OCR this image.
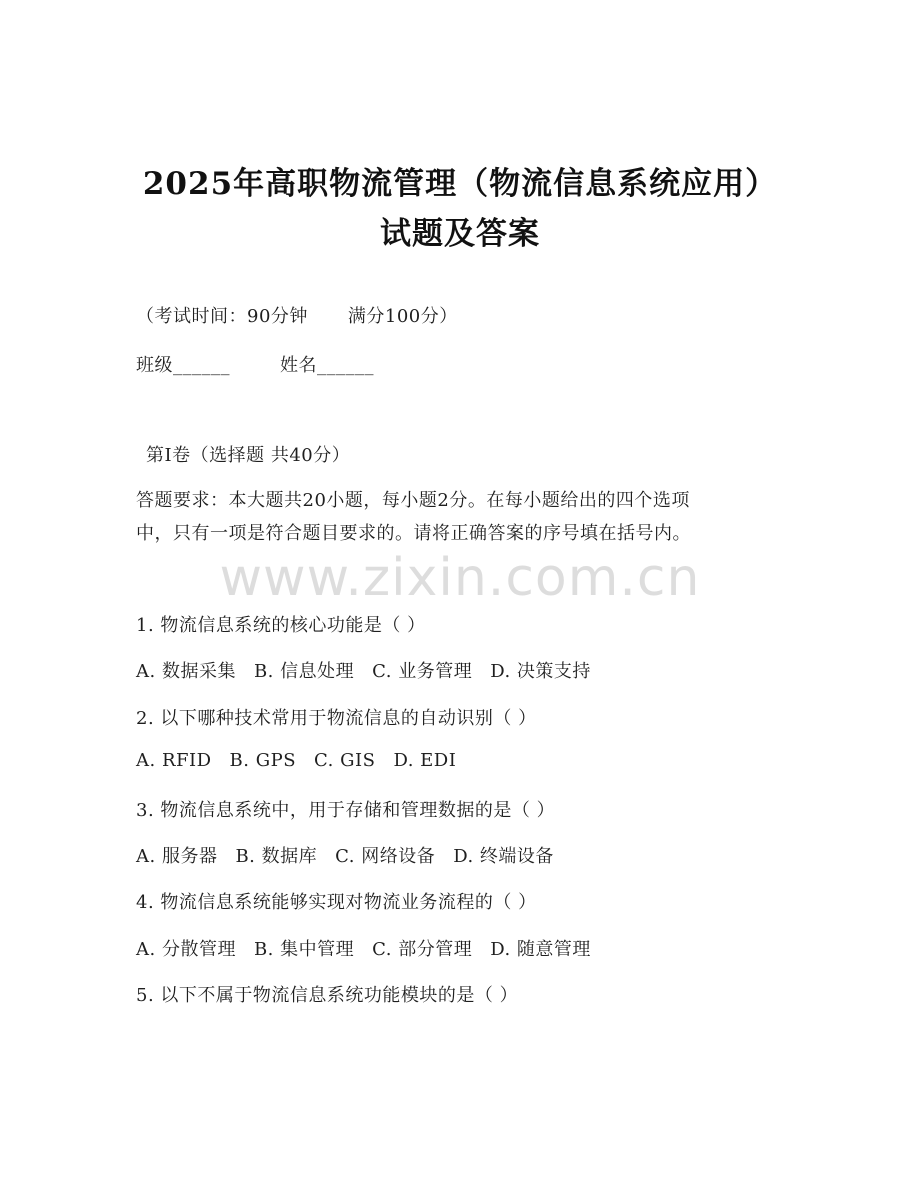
2025年高职物流管理（物流信息系统应用）
试题及答案
（考试时间：90分钟 满分100分）
班级______	姓名______
第I卷（选择题 共40分）
答题要求：本大题共20小题，每小题2分。在每小题给出的四个选项
中，只有一项是符合题目要求的。请将正确答案的序号填在括号内。
www.zixin.com.cn
1. 物流信息系统的核心功能是（ ）
A. 数据采集 B. 信息处理 C. 业务管理 D. 决策支持
2. 以下哪种技术常用于物流信息的自动识别（ ）
A. RFID B. GPS C. GIS D. EDI
3. 物流信息系统中，用于存储和管理数据的是（ ）
A. 服务器 B. 数据库 C. 网络设备 D. 终端设备
4. 物流信息系统能够实现对物流业务流程的（ ）
A. 分散管理 B. 集中管理 C. 部分管理 D. 随意管理
5. 以下不属于物流信息系统功能模块的是（ ）
